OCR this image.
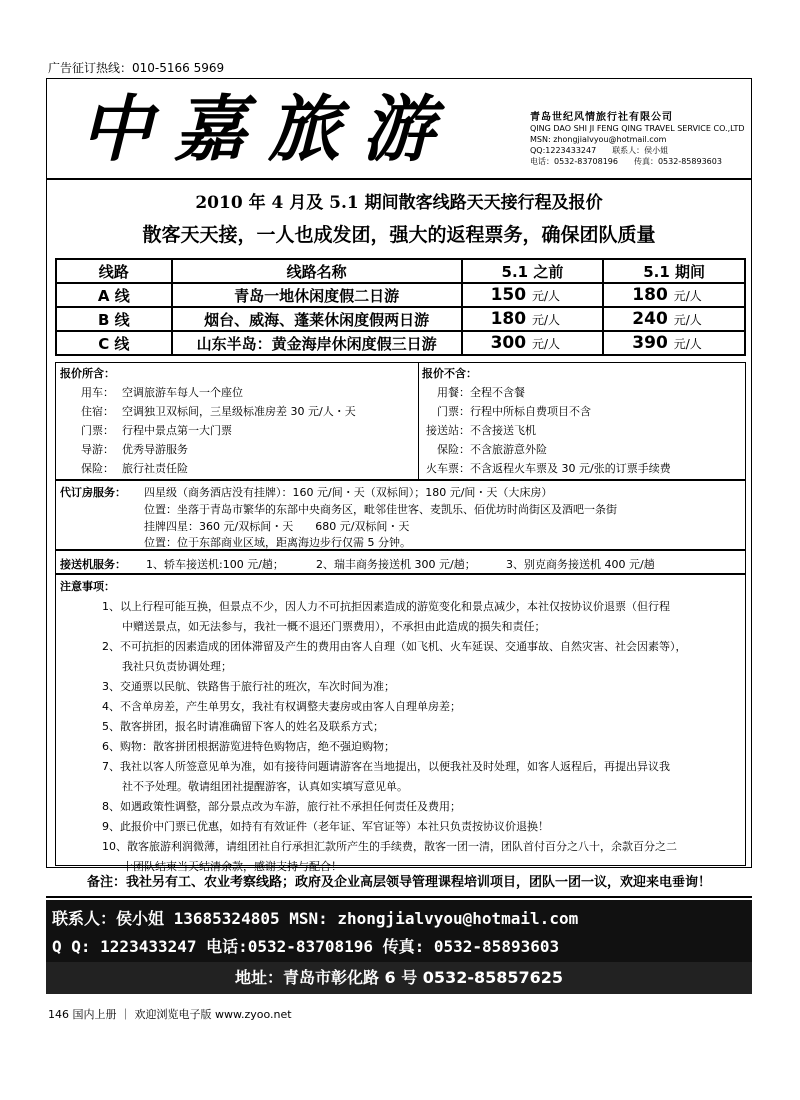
广告征订热线：010-5166 5969
中嘉旅游	青岛世纪风情旅行社有限公司
QING DAO SHI JI FENG QING TRAVEL SERVICE CO.,LTD
MSN: zhongjialvyou@hotmail.com
QQ:1223433247 联系人：侯小姐
电话：0532-83708196 传真：0532-85893603
2010 年 4 月及 5.1 期间散客线路天天接行程及报价
散客天天接，一人也成发团，强大的返程票务，确保团队质量
线路	线路名称	5.1 之前	5.1 期间
A 线	青岛一地休闲度假二日游	150 元/人	180 元/人
B 线	烟台、威海、蓬莱休闲度假两日游	180 元/人	240 元/人
C 线	山东半岛：黄金海岸休闲度假三日游	300 元/人	390 元/人
报价所含：
用车： 空调旅游车每人一个座位
住宿： 空调独卫双标间，三星级标准房差 30 元/人・天
门票： 行程中景点第一大门票
导游： 优秀导游服务
保险： 旅行社责任险
报价不含：
用餐： 全程不含餐
门票： 行程中所标自费项目不含
接送站： 不含接送飞机
保险： 不含旅游意外险
火车票： 不含返程火车票及 30 元/张的订票手续费
代订房服务： 四星级（商务酒店没有挂牌）：160 元/间・天（双标间）；180 元/间・天（大床房）
位置：坐落于青岛市繁华的东部中央商务区，毗邻佳世客、麦凯乐、佰优坊时尚街区及酒吧一条街
挂牌四星：360 元/双标间・天　　680 元/双标间・天
位置：位于东部商业区域，距离海边步行仅需 5 分钟。
接送机服务： 1、轿车接送机:100 元/趟；	2、瑞丰商务接送机 300 元/趟；	3、别克商务接送机 400 元/趟
注意事项：
1、以上行程可能互换，但景点不少，因人力不可抗拒因素造成的游览变化和景点减少，本社仅按协议价退票（但行程
中赠送景点，如无法参与，我社一概不退还门票费用），不承担由此造成的损失和责任；
2、不可抗拒的因素造成的团体滞留及产生的费用由客人自理（如飞机、火车延误、交通事故、自然灾害、社会因素等），
我社只负责协调处理；
3、交通票以民航、铁路售于旅行社的班次，车次时间为准；
4、不含单房差，产生单男女，我社有权调整夫妻房或由客人自理单房差；
5、散客拼团，报名时请准确留下客人的姓名及联系方式；
6、购物：散客拼团根据游览进特色购物店，绝不强迫购物；
7、我社以客人所签意见单为准，如有接待问题请游客在当地提出，以便我社及时处理，如客人返程后，再提出异议我
社不予处理。敬请组团社提醒游客，认真如实填写意见单。
8、如遇政策性调整，部分景点改为车游，旅行社不承担任何责任及费用；
9、此报价中门票已优惠，如持有有效证件（老年证、军官证等）本社只负责按协议价退换！
10、散客旅游利润微薄，请组团社自行承担汇款所产生的手续费，散客一团一清，团队首付百分之八十，余款百分之二
十团队结束当天结清余款，感谢支持与配合！
备注：我社另有工、农业考察线路；政府及企业高层领导管理课程培训项目，团队一团一议，欢迎来电垂询！
联系人：侯小姐 13685324805 MSN: zhongjialvyou@hotmail.com
Q Q: 1223433247 电话:0532-83708196 传真: 0532-85893603
地址：青岛市彰化路 6 号 0532-85857625
146 国内上册 ｜ 欢迎浏览电子版 www.zyoo.net
